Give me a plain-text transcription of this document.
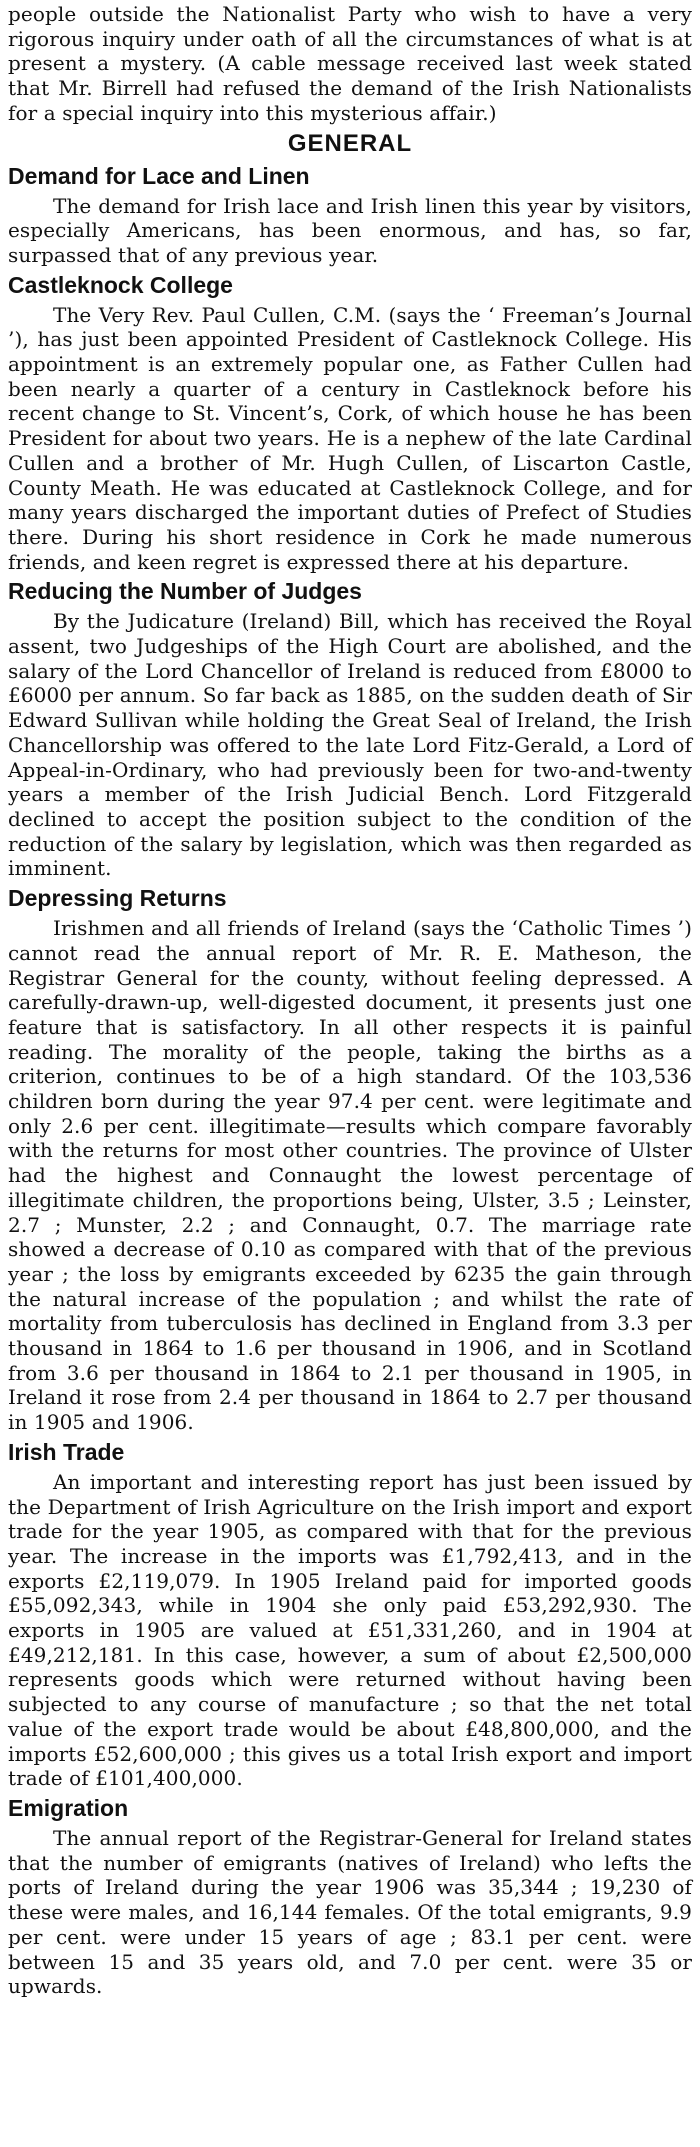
people outside the Nationalist Party who wish to have a very rigorous inquiry under oath of all the circumstances of what is at present a mystery. (A cable message received last week stated that Mr. Birrell had refused the demand of the Irish Nationalists for a special inquiry into this mysterious affair.)

GENERAL
Demand for Lace and Linen

The demand for Irish lace and Irish linen this year by visitors, especially Americans, has been enormous, and has, so far, surpassed that of any previous year.

Castleknock College

The Very Rev. Paul Cullen, C.M. (says the ‘ Freeman’s Journal ’), has just been appointed President of Castleknock College. His appointment is an extremely popular one, as Father Cullen had been nearly a quarter of a century in Castleknock before his recent change to St. Vincent’s, Cork, of which house he has been President for about two years. He is a nephew of the late Cardinal Cullen and a brother of Mr. Hugh Cullen, of Liscarton Castle, County Meath. He was educated at Castleknock College, and for many years discharged the important duties of Prefect of Studies there. During his short residence in Cork he made numerous friends, and keen regret is expressed there at his departure.

Reducing the Number of Judges

By the Judicature (Ireland) Bill, which has received the Royal assent, two Judgeships of the High Court are abolished, and the salary of the Lord Chancellor of Ireland is reduced from £8000 to £6000 per annum. So far back as 1885, on the sudden death of Sir Edward Sullivan while holding the Great Seal of Ireland, the Irish Chancellorship was offered to the late Lord Fitz-Gerald, a Lord of Appeal-in-Ordinary, who had previously been for two-and-twenty years a member of the Irish Judicial Bench. Lord Fitzgerald declined to accept the position subject to the condition of the reduction of the salary by legislation, which was then regarded as imminent.

Depressing Returns

Irishmen and all friends of Ireland (says the ‘Catholic Times ’) cannot read the annual report of Mr. R. E. Matheson, the Registrar General for the county, without feeling depressed. A carefully-drawn-up, well-digested document, it presents just one feature that is satisfactory. In all other respects it is painful reading. The morality of the people, taking the births as a criterion, continues to be of a high standard. Of the 103,536 children born during the year 97.4 per cent. were legitimate and only 2.6 per cent. illegitimate—results which compare favorably with the returns for most other countries. The province of Ulster had the highest and Connaught the lowest percentage of illegitimate children, the proportions being, Ulster, 3.5 ; Leinster, 2.7 ; Munster, 2.2 ; and Connaught, 0.7. The marriage rate showed a decrease of 0.10 as compared with that of the previous year ; the loss by emigrants exceeded by 6235 the gain through the natural increase of the population ; and whilst the rate of mortality from tuberculosis has declined in England from 3.3 per thousand in 1864 to 1.6 per thousand in 1906, and in Scotland from 3.6 per thousand in 1864 to 2.1 per thousand in 1905, in Ireland it rose from 2.4 per thousand in 1864 to 2.7 per thousand in 1905 and 1906.

Irish Trade

An important and interesting report has just been issued by the Department of Irish Agriculture on the Irish import and export trade for the year 1905, as compared with that for the previous year. The increase in the imports was £1,792,413, and in the exports £2,119,079. In 1905 Ireland paid for imported goods £55,092,343, while in 1904 she only paid £53,292,930. The exports in 1905 are valued at £51,331,260, and in 1904 at £49,212,181. In this case, however, a sum of about £2,500,000 represents goods which were returned without having been subjected to any course of manufacture ; so that the net total value of the export trade would be about £48,800,000, and the imports £52,600,000 ; this gives us a total Irish export and import trade of £101,400,000.

Emigration

The annual report of the Registrar-General for Ireland states that the number of emigrants (natives of Ireland) who lefts the ports of Ireland during the year 1906 was 35,344 ; 19,230 of these were males, and 16,144 females. Of the total emigrants, 9.9 per cent. were under 15 years of age ; 83.1 per cent. were between 15 and 35 years old, and 7.0 per cent. were 35 or upwards.
